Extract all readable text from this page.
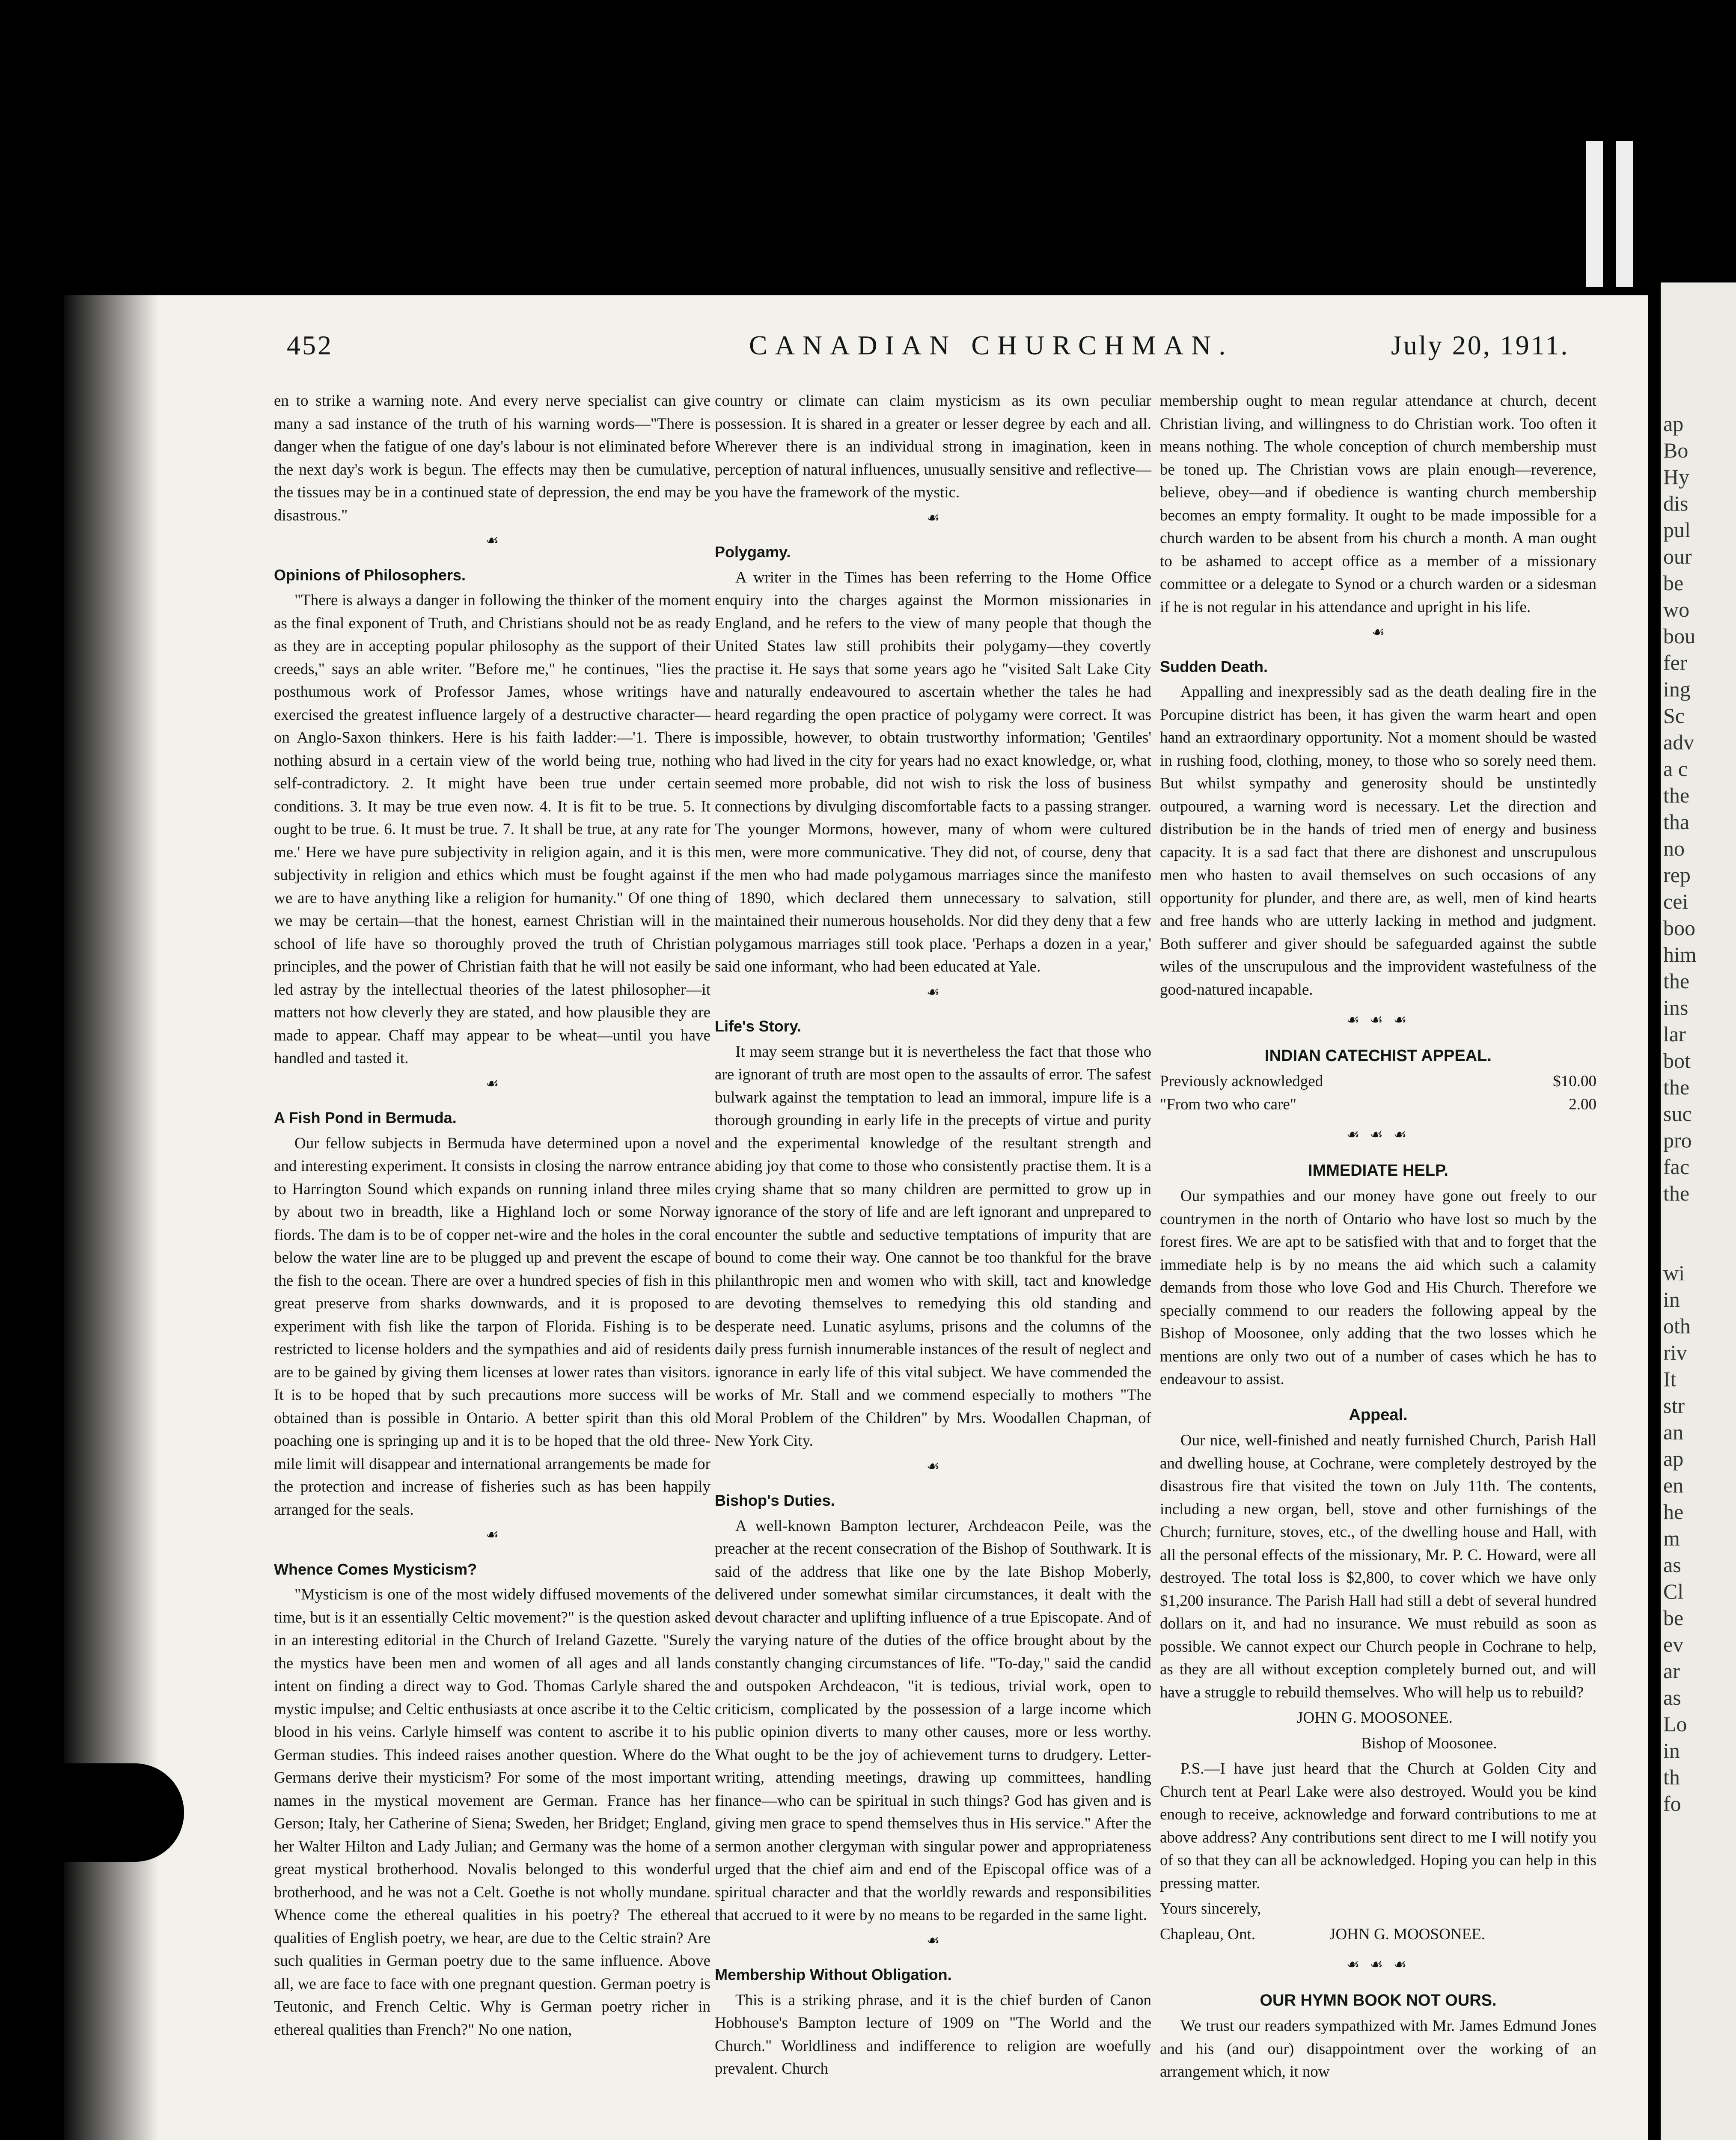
452	CANADIAN CHURCHMAN.	July 20, 1911.

en to strike a warning note. And every nerve specialist can give many a sad instance of the truth of his warning words—"There is danger when the fatigue of one day's labour is not eliminated before the next day's work is begun. The effects may then be cumulative, the tissues may be in a continued state of depression, the end may be disastrous."

☙
Opinions of Philosophers.

"There is always a danger in following the thinker of the moment as the final exponent of Truth, and Christians should not be as ready as they are in accepting popular philosophy as the support of their creeds," says an able writer. "Before me," he continues, "lies the posthumous work of Professor James, whose writings have exercised the greatest influence largely of a destructive character—on Anglo-Saxon thinkers. Here is his faith ladder:—'1. There is nothing absurd in a certain view of the world being true, nothing self-contradictory. 2. It might have been true under certain conditions. 3. It may be true even now. 4. It is fit to be true. 5. It ought to be true. 6. It must be true. 7. It shall be true, at any rate for me.' Here we have pure subjectivity in religion again, and it is this subjectivity in religion and ethics which must be fought against if we are to have anything like a religion for humanity." Of one thing we may be certain—that the honest, earnest Christian will in the school of life have so thoroughly proved the truth of Christian principles, and the power of Christian faith that he will not easily be led astray by the intellectual theories of the latest philosopher—it matters not how cleverly they are stated, and how plausible they are made to appear. Chaff may appear to be wheat—until you have handled and tasted it.

☙
A Fish Pond in Bermuda.

Our fellow subjects in Bermuda have determined upon a novel and interesting experiment. It consists in closing the narrow entrance to Harrington Sound which expands on running inland three miles by about two in breadth, like a Highland loch or some Norway fiords. The dam is to be of copper net-wire and the holes in the coral below the water line are to be plugged up and prevent the escape of the fish to the ocean. There are over a hundred species of fish in this great preserve from sharks downwards, and it is proposed to experiment with fish like the tarpon of Florida. Fishing is to be restricted to license holders and the sympathies and aid of residents are to be gained by giving them licenses at lower rates than visitors. It is to be hoped that by such precautions more success will be obtained than is possible in Ontario. A better spirit than this old poaching one is springing up and it is to be hoped that the old three-mile limit will disappear and international arrangements be made for the protection and increase of fisheries such as has been happily arranged for the seals.

☙
Whence Comes Mysticism?

"Mysticism is one of the most widely diffused movements of the time, but is it an essentially Celtic movement?" is the question asked in an interesting editorial in the Church of Ireland Gazette. "Surely the mystics have been men and women of all ages and all lands intent on finding a direct way to God. Thomas Carlyle shared the mystic impulse; and Celtic enthusiasts at once ascribe it to the Celtic blood in his veins. Carlyle himself was content to ascribe it to his German studies. This indeed raises another question. Where do the Germans derive their mysticism? For some of the most important names in the mystical movement are German. France has her Gerson; Italy, her Catherine of Siena; Sweden, her Bridget; England, her Walter Hilton and Lady Julian; and Germany was the home of a great mystical brotherhood. Novalis belonged to this wonderful brotherhood, and he was not a Celt. Goethe is not wholly mundane. Whence come the ethereal qualities in his poetry? The ethereal qualities of English poetry, we hear, are due to the Celtic strain? Are such qualities in German poetry due to the same influence. Above all, we are face to face with one pregnant question. German poetry is Teutonic, and French Celtic. Why is German poetry richer in ethereal qualities than French?" No one nation,

country or climate can claim mysticism as its own peculiar possession. It is shared in a greater or lesser degree by each and all. Wherever there is an individual strong in imagination, keen in perception of natural influences, unusually sensitive and reflective—you have the framework of the mystic.

☙
Polygamy.

A writer in the Times has been referring to the Home Office enquiry into the charges against the Mormon missionaries in England, and he refers to the view of many people that though the United States law still prohibits their polygamy—they covertly practise it. He says that some years ago he "visited Salt Lake City and naturally endeavoured to ascertain whether the tales he had heard regarding the open practice of polygamy were correct. It was impossible, however, to obtain trustworthy information; 'Gentiles' who had lived in the city for years had no exact knowledge, or, what seemed more probable, did not wish to risk the loss of business connections by divulging discomfortable facts to a passing stranger. The younger Mormons, however, many of whom were cultured men, were more communicative. They did not, of course, deny that the men who had made polygamous marriages since the manifesto of 1890, which declared them unnecessary to salvation, still maintained their numerous households. Nor did they deny that a few polygamous marriages still took place. 'Perhaps a dozen in a year,' said one informant, who had been educated at Yale.

☙
Life's Story.

It may seem strange but it is nevertheless the fact that those who are ignorant of truth are most open to the assaults of error. The safest bulwark against the temptation to lead an immoral, impure life is a thorough grounding in early life in the precepts of virtue and purity and the experimental knowledge of the resultant strength and abiding joy that come to those who consistently practise them. It is a crying shame that so many children are permitted to grow up in ignorance of the story of life and are left ignorant and unprepared to encounter the subtle and seductive temptations of impurity that are bound to come their way. One cannot be too thankful for the brave philanthropic men and women who with skill, tact and knowledge are devoting themselves to remedying this old standing and desperate need. Lunatic asylums, prisons and the columns of the daily press furnish innumerable instances of the result of neglect and ignorance in early life of this vital subject. We have commended the works of Mr. Stall and we commend especially to mothers "The Moral Problem of the Children" by Mrs. Woodallen Chapman, of New York City.

☙
Bishop's Duties.

A well-known Bampton lecturer, Archdeacon Peile, was the preacher at the recent consecration of the Bishop of Southwark. It is said of the address that like one by the late Bishop Moberly, delivered under somewhat similar circumstances, it dealt with the devout character and uplifting influence of a true Episcopate. And of the varying nature of the duties of the office brought about by the constantly changing circumstances of life. "To-day," said the candid and outspoken Archdeacon, "it is tedious, trivial work, open to criticism, complicated by the possession of a large income which public opinion diverts to many other causes, more or less worthy. What ought to be the joy of achievement turns to drudgery. Letter-writing, attending meetings, drawing up committees, handling finance—who can be spiritual in such things? God has given and is giving men grace to spend themselves thus in His service." After the sermon another clergyman with singular power and appropriateness urged that the chief aim and end of the Episcopal office was of a spiritual character and that the worldly rewards and responsibilities that accrued to it were by no means to be regarded in the same light.

☙
Membership Without Obligation.

This is a striking phrase, and it is the chief burden of Canon Hobhouse's Bampton lecture of 1909 on "The World and the Church." Worldliness and indifference to religion are woefully prevalent. Church

membership ought to mean regular attendance at church, decent Christian living, and willingness to do Christian work. Too often it means nothing. The whole conception of church membership must be toned up. The Christian vows are plain enough—reverence, believe, obey—and if obedience is wanting church membership becomes an empty formality. It ought to be made impossible for a church warden to be absent from his church a month. A man ought to be ashamed to accept office as a member of a missionary committee or a delegate to Synod or a church warden or a sidesman if he is not regular in his attendance and upright in his life.

☙
Sudden Death.

Appalling and inexpressibly sad as the death dealing fire in the Porcupine district has been, it has given the warm heart and open hand an extraordinary opportunity. Not a moment should be wasted in rushing food, clothing, money, to those who so sorely need them. But whilst sympathy and generosity should be unstintedly outpoured, a warning word is necessary. Let the direction and distribution be in the hands of tried men of energy and business capacity. It is a sad fact that there are dishonest and unscrupulous men who hasten to avail themselves on such occasions of any opportunity for plunder, and there are, as well, men of kind hearts and free hands who are utterly lacking in method and judgment. Both sufferer and giver should be safeguarded against the subtle wiles of the unscrupulous and the improvident wastefulness of the good-natured incapable.

☙ ☙ ☙
INDIAN CATECHIST APPEAL.
Previously acknowledged	$10.00
"From two who care"	2.00
☙ ☙ ☙
IMMEDIATE HELP.

Our sympathies and our money have gone out freely to our countrymen in the north of Ontario who have lost so much by the forest fires. We are apt to be satisfied with that and to forget that the immediate help is by no means the aid which such a calamity demands from those who love God and His Church. Therefore we specially commend to our readers the following appeal by the Bishop of Moosonee, only adding that the two losses which he mentions are only two out of a number of cases which he has to endeavour to assist.

Appeal.

Our nice, well-finished and neatly furnished Church, Parish Hall and dwelling house, at Cochrane, were completely destroyed by the disastrous fire that visited the town on July 11th. The contents, including a new organ, bell, stove and other furnishings of the Church; furniture, stoves, etc., of the dwelling house and Hall, with all the personal effects of the missionary, Mr. P. C. Howard, were all destroyed. The total loss is $2,800, to cover which we have only $1,200 insurance. The Parish Hall had still a debt of several hundred dollars on it, and had no insurance. We must rebuild as soon as possible. We cannot expect our Church people in Cochrane to help, as they are all without exception completely burned out, and will have a struggle to rebuild themselves. Who will help us to rebuild?

JOHN G. MOOSONEE.

Bishop of Moosonee.

P.S.—I have just heard that the Church at Golden City and Church tent at Pearl Lake were also destroyed. Would you be kind enough to receive, acknowledge and forward contributions to me at above address? Any contributions sent direct to me I will notify you of so that they can all be acknowledged. Hoping you can help in this pressing matter.

Yours sincerely,

Chapleau, Ont.	JOHN G. MOOSONEE.
☙ ☙ ☙
OUR HYMN BOOK NOT OURS.

We trust our readers sympathized with Mr. James Edmund Jones and his (and our) disappointment over the working of an arrangement which, it now

ap
Bo
Hy
dis
pul
our
be
wo
bou
fer
ing
Sc
adv
a c
the
tha
no
rep
cei
boo
him
the
ins
lar
bot
the
suc
pro
fac
the
wi
in
oth
riv
It
str
an
ap
en
he
m
as
Cl
be
ev
ar
as
Lo
in
th
fo
